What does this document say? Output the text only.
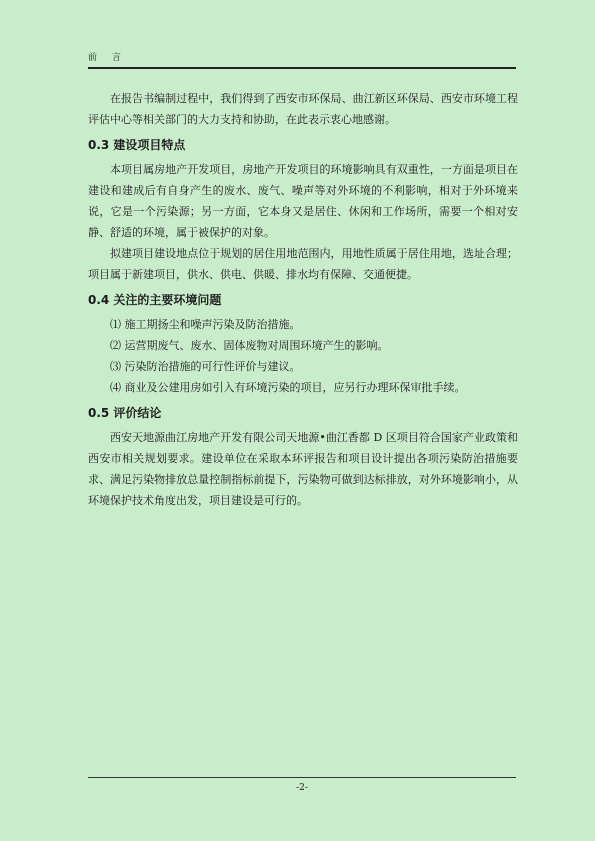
前 言

在报告书编制过程中，我们得到了西安市环保局、曲江新区环保局、西安市环境工程评估中心等相关部门的大力支持和协助，在此表示衷心地感谢。

0.3 建设项目特点

本项目属房地产开发项目，房地产开发项目的环境影响具有双重性，一方面是项目在建设和建成后有自身产生的废水、废气、噪声等对外环境的不利影响，相对于外环境来说，它是一个污染源；另一方面，它本身又是居住、休闲和工作场所，需要一个相对安静、舒适的环境，属于被保护的对象。

拟建项目建设地点位于规划的居住用地范围内，用地性质属于居住用地，选址合理；项目属于新建项目，供水、供电、供暖、排水均有保障、交通便捷。

0.4 关注的主要环境问题

⑴ 施工期扬尘和噪声污染及防治措施。

⑵ 运营期废气、废水、固体废物对周围环境产生的影响。

⑶ 污染防治措施的可行性评价与建议。

⑷ 商业及公建用房如引入有环境污染的项目，应另行办理环保审批手续。

0.5 评价结论

西安天地源曲江房地产开发有限公司天地源•曲江香都 D 区项目符合国家产业政策和西安市相关规划要求。建设单位在采取本环评报告和项目设计提出各项污染防治措施要求、满足污染物排放总量控制指标前提下，污染物可做到达标排放，对外环境影响小，从环境保护技术角度出发，项目建设是可行的。

-2-
